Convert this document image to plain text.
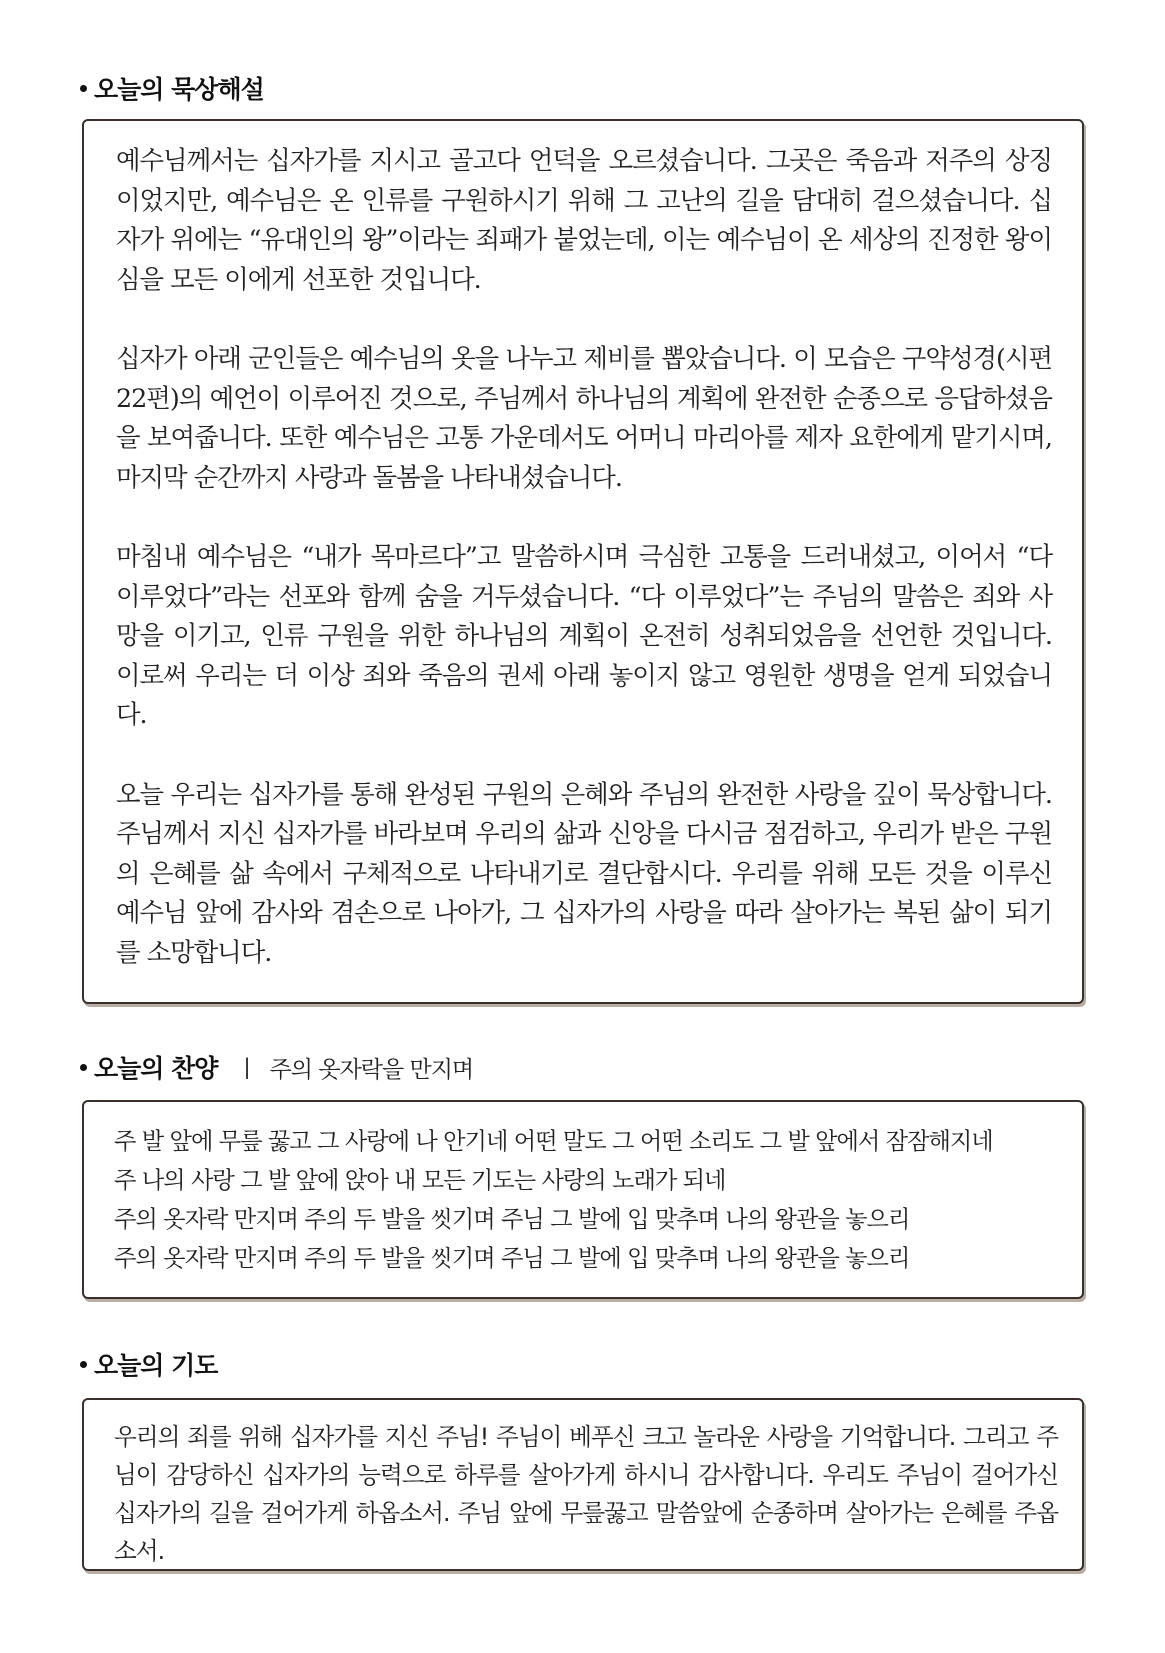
오늘의 묵상해설

예수님께서는 십자가를 지시고 골고다 언덕을 오르셨습니다. 그곳은 죽음과 저주의 상징이었지만, 예수님은 온 인류를 구원하시기 위해 그 고난의 길을 담대히 걸으셨습니다. 십자가 위에는 “유대인의 왕”이라는 죄패가 붙었는데, 이는 예수님이 온 세상의 진정한 왕이심을 모든 이에게 선포한 것입니다.

십자가 아래 군인들은 예수님의 옷을 나누고 제비를 뽑았습니다. 이 모습은 구약성경(시편 22편)의 예언이 이루어진 것으로, 주님께서 하나님의 계획에 완전한 순종으로 응답하셨음을 보여줍니다. 또한 예수님은 고통 가운데서도 어머니 마리아를 제자 요한에게 맡기시며, 마지막 순간까지 사랑과 돌봄을 나타내셨습니다.

마침내 예수님은 “내가 목마르다”고 말씀하시며 극심한 고통을 드러내셨고, 이어서 “다 이루었다”라는 선포와 함께 숨을 거두셨습니다. “다 이루었다”는 주님의 말씀은 죄와 사망을 이기고, 인류 구원을 위한 하나님의 계획이 온전히 성취되었음을 선언한 것입니다. 이로써 우리는 더 이상 죄와 죽음의 권세 아래 놓이지 않고 영원한 생명을 얻게 되었습니다.

오늘 우리는 십자가를 통해 완성된 구원의 은혜와 주님의 완전한 사랑을 깊이 묵상합니다. 주님께서 지신 십자가를 바라보며 우리의 삶과 신앙을 다시금 점검하고, 우리가 받은 구원의 은혜를 삶 속에서 구체적으로 나타내기로 결단합시다. 우리를 위해 모든 것을 이루신 예수님 앞에 감사와 겸손으로 나아가, 그 십자가의 사랑을 따라 살아가는 복된 삶이 되기를 소망합니다.

오늘의 찬양 | 주의 옷자락을 만지며
주 발 앞에 무릎 꿇고 그 사랑에 나 안기네 어떤 말도 그 어떤 소리도 그 발 앞에서 잠잠해지네
주 나의 사랑 그 발 앞에 앉아 내 모든 기도는 사랑의 노래가 되네
주의 옷자락 만지며 주의 두 발을 씻기며 주님 그 발에 입 맞추며 나의 왕관을 놓으리
주의 옷자락 만지며 주의 두 발을 씻기며 주님 그 발에 입 맞추며 나의 왕관을 놓으리
오늘의 기도

우리의 죄를 위해 십자가를 지신 주님! 주님이 베푸신 크고 놀라운 사랑을 기억합니다. 그리고 주님이 감당하신 십자가의 능력으로 하루를 살아가게 하시니 감사합니다. 우리도 주님이 걸어가신 십자가의 길을 걸어가게 하옵소서. 주님 앞에 무릎꿇고 말씀앞에 순종하며 살아가는 은혜를 주옵소서.
